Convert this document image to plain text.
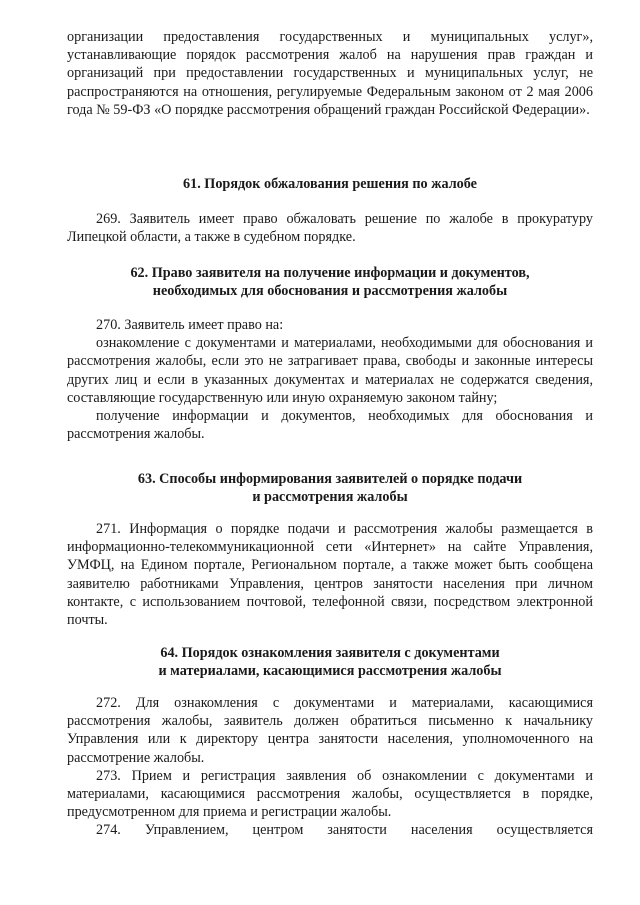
организации предоставления государственных и муниципальных услуг», устанавливающие порядок рассмотрения жалоб на нарушения прав граждан и организаций при предоставлении государственных и муниципальных услуг, не распространяются на отношения, регулируемые Федеральным законом от 2 мая 2006 года № 59-ФЗ «О порядке рассмотрения обращений граждан Российской Федерации».

61. Порядок обжалования решения по жалобе

269. Заявитель имеет право обжаловать решение по жалобе в прокуратуру Липецкой области, а также в судебном порядке.

62. Право заявителя на получение информации и документов,
необходимых для обоснования и рассмотрения жалобы

270. Заявитель имеет право на:

ознакомление с документами и материалами, необходимыми для обоснования и рассмотрения жалобы, если это не затрагивает права, свободы и законные интересы других лиц и если в указанных документах и материалах не содержатся сведения, составляющие государственную или иную охраняемую законом тайну;

получение информации и документов, необходимых для обоснования и рассмотрения жалобы.

63. Способы информирования заявителей о порядке подачи
и рассмотрения жалобы

271. Информация о порядке подачи и рассмотрения жалобы размещается в информационно-телекоммуникационной сети «Интернет» на сайте Управления, УМФЦ, на Едином портале, Региональном портале, а также может быть сообщена заявителю работниками Управления, центров занятости населения при личном контакте, с использованием почтовой, телефонной связи, посредством электронной почты.

64. Порядок ознакомления заявителя с документами
и материалами, касающимися рассмотрения жалобы

272. Для ознакомления с документами и материалами, касающимися рассмотрения жалобы, заявитель должен обратиться письменно к начальнику Управления или к директору центра занятости населения, уполномоченного на рассмотрение жалобы.

273. Прием и регистрация заявления об ознакомлении с документами и материалами, касающимися рассмотрения жалобы, осуществляется в порядке, предусмотренном для приема и регистрации жалобы.

274. Управлением, центром занятости населения осуществляется
